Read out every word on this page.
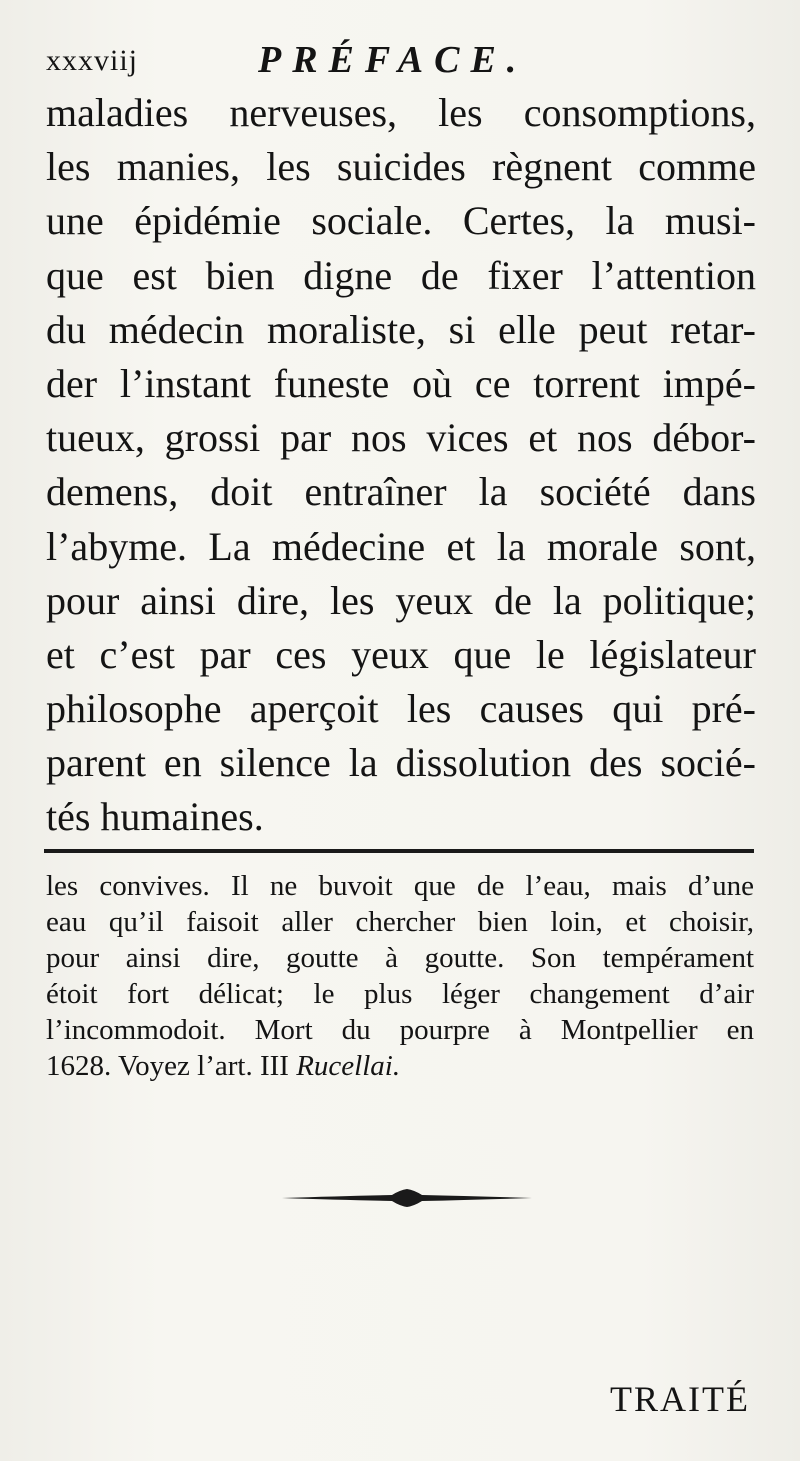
xxxviij	PRÉFACE.
maladies nerveuses, les consomptions,
les manies, les suicides règnent comme
une épidémie sociale. Certes, la musi-
que est bien digne de fixer l’attention
du médecin moraliste, si elle peut retar-
der l’instant funeste où ce torrent impé-
tueux, grossi par nos vices et nos débor-
demens, doit entraîner la société dans
l’abyme. La médecine et la morale sont,
pour ainsi dire, les yeux de la politique;
et c’est par ces yeux que le législateur
philosophe aperçoit les causes qui pré-
parent en silence la dissolution des socié-
tés humaines.
les convives. Il ne buvoit que de l’eau, mais d’une
eau qu’il faisoit aller chercher bien loin, et choisir,
pour ainsi dire, goutte à goutte. Son tempérament
étoit fort délicat; le plus léger changement d’air
l’incommodoit. Mort du pourpre à Montpellier en
1628. Voyez l’art. III Rucellai.
TRAITÉ
